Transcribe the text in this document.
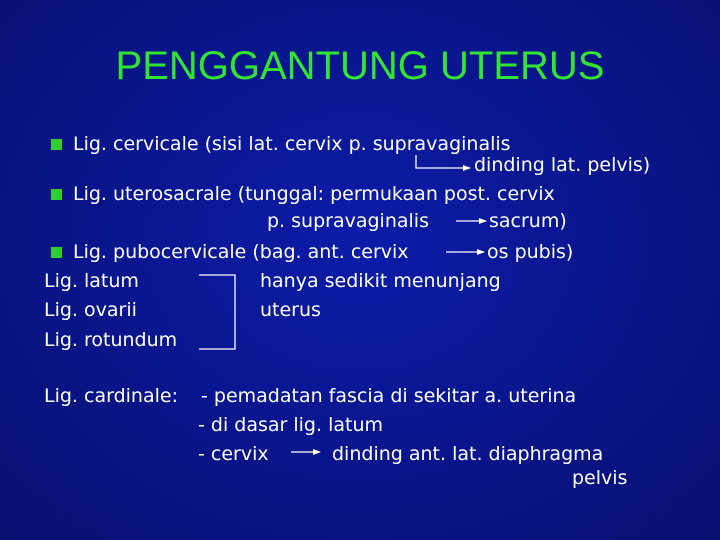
PENGGANTUNG UTERUS
Lig. cervicale (sisi lat. cervix p. supravaginalis
dinding lat. pelvis)
Lig. uterosacrale (tunggal: permukaan post. cervix
p. supravaginalis	sacrum)
Lig. pubocervicale (bag. ant. cervix	os pubis)
Lig. latum
Lig. ovarii
Lig. rotundum
hanya sedikit menunjang
uterus
Lig. cardinale: - pemadatan fascia di sekitar a. uterina
- di dasar lig. latum
- cervix	dinding ant. lat. diaphragma
pelvis
